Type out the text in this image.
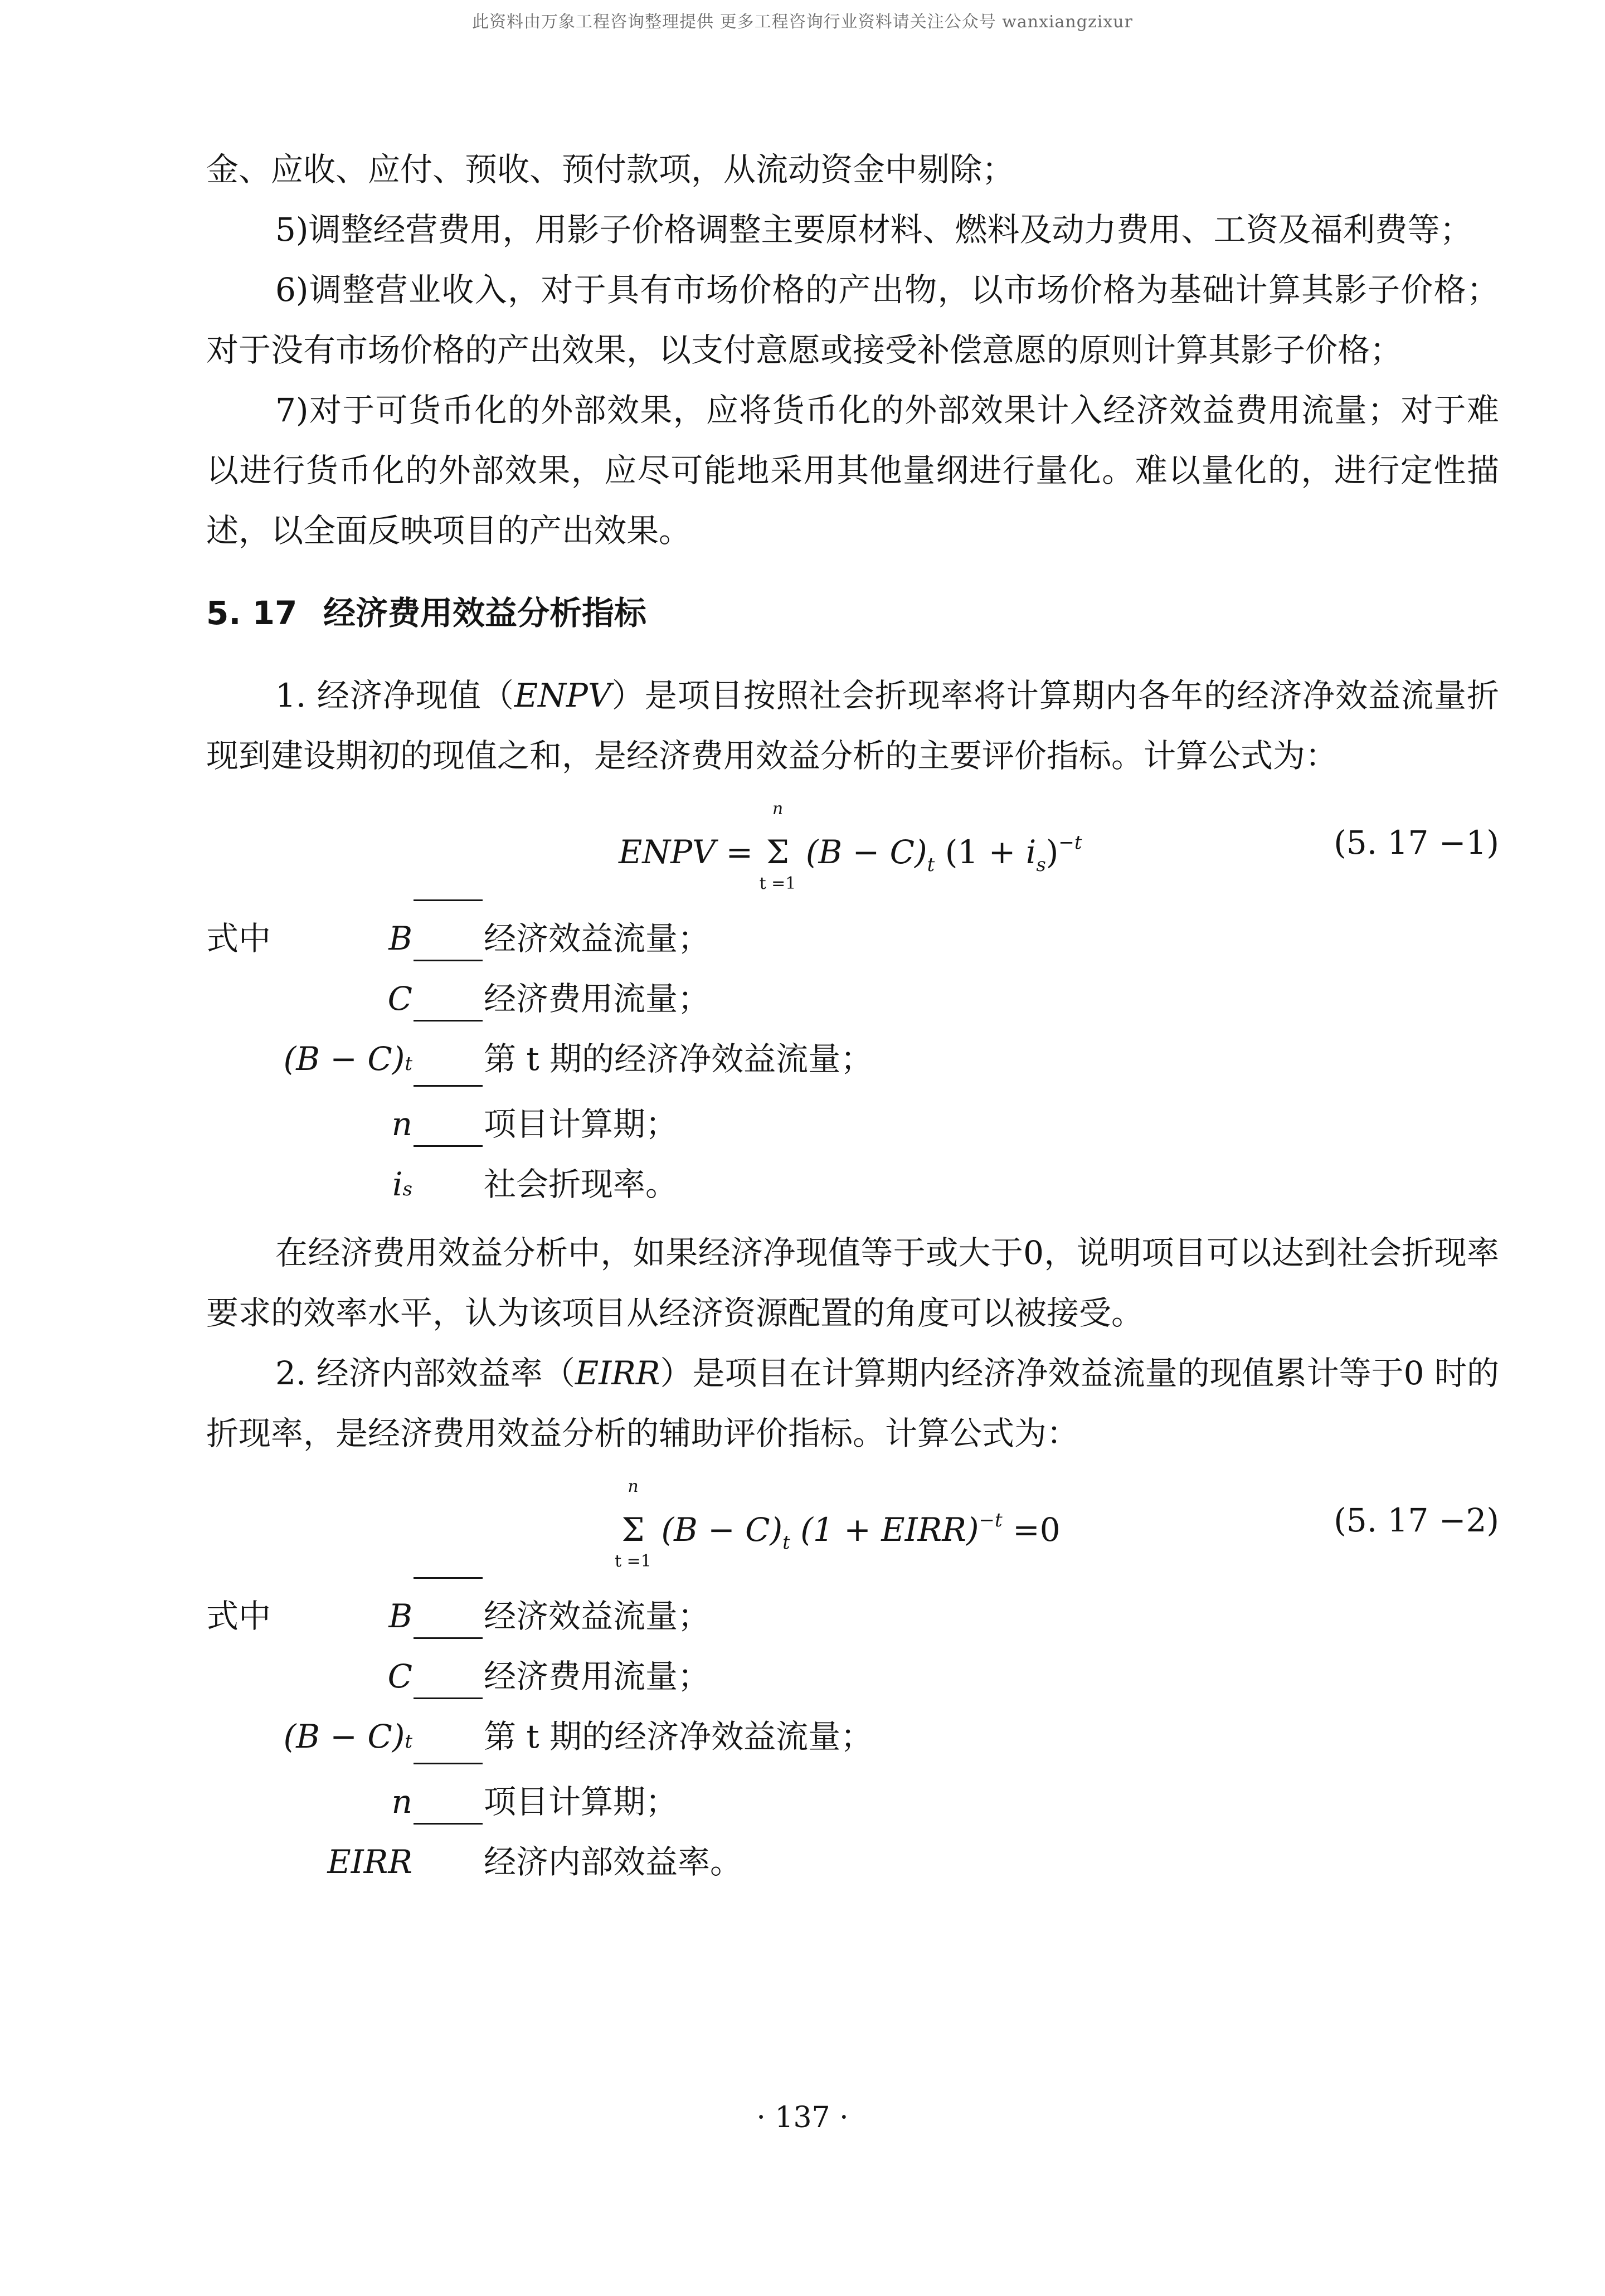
此资料由万象工程咨询整理提供 更多工程咨询行业资料请关注公众号 wanxiangzixur

金、应收、应付、预收、预付款项，从流动资金中剔除；

5)调整经营费用，用影子价格调整主要原材料、燃料及动力费用、工资及福利费等；

6)调整营业收入，对于具有市场价格的产出物，以市场价格为基础计算其影子价格；对于没有市场价格的产出效果，以支付意愿或接受补偿意愿的原则计算其影子价格；

7)对于可货币化的外部效果，应将货币化的外部效果计入经济效益费用流量；对于难以进行货币化的外部效果，应尽可能地采用其他量纲进行量化。难以量化的，进行定性描述，以全面反映项目的产出效果。

5. 17 经济费用效益分析指标

1. 经济净现值（ENPV）是项目按照社会折现率将计算期内各年的经济净效益流量折现到建设期初的现值之和，是经济费用效益分析的主要评价指标。计算公式为：

ENPV = Σ
n
t =1
$(B - C)_t$ $(1 + i_s)^{-t}$	(5. 17 −1)
式中	B 经济效益流量；
C 经济费用流量；
(B − C) t 第 t 期的经济净效益流量；
n 项目计算期；
i s 社会折现率。

在经济费用效益分析中，如果经济净现值等于或大于0，说明项目可以达到社会折现率要求的效率水平，认为该项目从经济资源配置的角度可以被接受。

2. 经济内部效益率（EIRR）是项目在计算期内经济净效益流量的现值累计等于0 时的折现率，是经济费用效益分析的辅助评价指标。计算公式为：

Σ
n
t =1
$(B - C)_t$ (1 + EIRR)$^{-t}$ =0	(5. 17 −2)
式中	B 经济效益流量；
C 经济费用流量；
(B − C) t 第 t 期的经济净效益流量；
n 项目计算期；
EIRR 经济内部效益率。
· 137 ·
